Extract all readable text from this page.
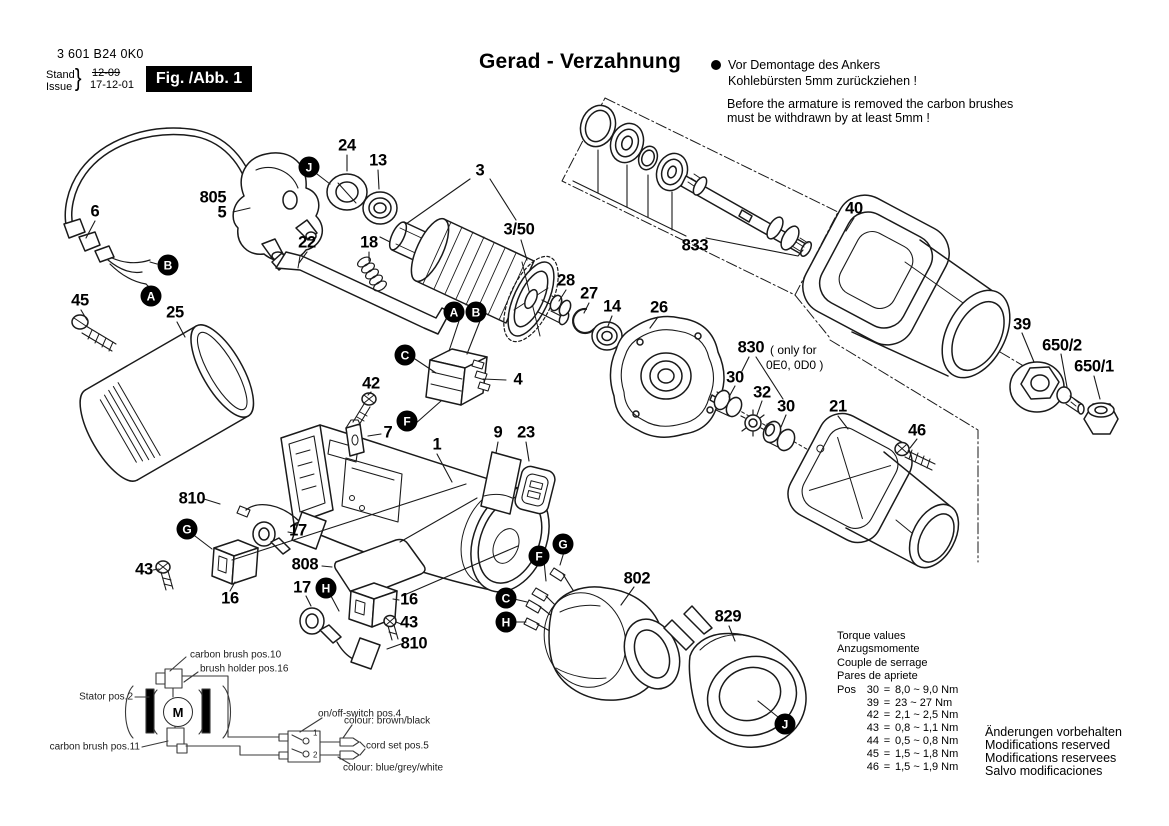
3 601 B24 0K0
Stand
Issue } 12-09
17-12-01	Fig. /Abb. 1
Gerad - Verzahnung	Vor Demontage des Ankers
Kohlebürsten 5mm zurückziehen !
Before the armature is removed the carbon brushes
must be withdrawn by at least 5mm !
( only for
0E0, 0D0 )
24
13
3
3/50
833
40
805
5
6
22	18
45
25
28
27
14 26
830
30
32
30 21
39
650/2
650/1
46
42
7
4
1
9 23
810
17
43
16
808
17
16
43
810
802
829
J
B
A
A	B
C
F
G
H
G
F
C
H
J
carbon brush pos.10
brush holder pos.16
Stator pos.2
carbon brush pos.11
on/off-switch pos.4
colour: brown/black
cord set pos.5
colour: blue/grey/white
1
2
M
Torque values
Anzugsmomente
Couple de serrage
Pares de apriete
Pos 30 = 8,0 ~ 9,0 Nm
39 = 23 ~ 27 Nm
42 = 2,1 ~ 2,5 Nm
43 = 0,8 ~ 1,1 Nm
44 = 0,5 ~ 0,8 Nm
45 = 1,5 ~ 1,8 Nm
46 = 1,5 ~ 1,9 Nm
Änderungen vorbehalten
Modifications reserved
Modifications reservees
Salvo modificaciones
